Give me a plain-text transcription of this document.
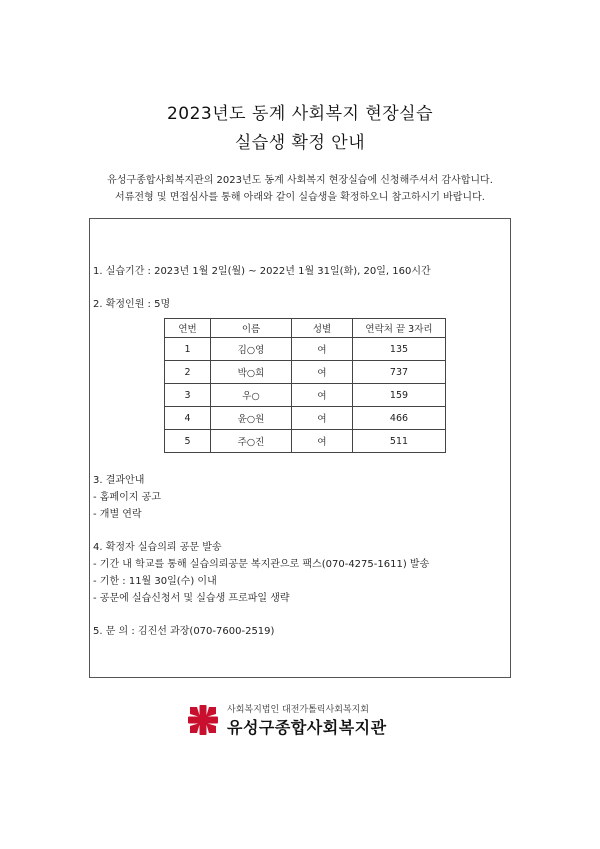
2023년도 동계 사회복지 현장실습
실습생 확정 안내
유성구종합사회복지관의 2023년도 동계 사회복지 현장실습에 신청해주셔서 감사합니다.
서류전형 및 면접심사를 통해 아래와 같이 실습생을 확정하오니 참고하시기 바랍니다.
1. 실습기간 : 2023년 1월 2일(월) ~ 2022년 1월 31일(화), 20일, 160시간
2. 확정인원 : 5명
연번	이름	성별	연락처 끝 3자리
1	김○영	여	135
2	박○희	여	737
3	우○	여	159
4	윤○원	여	466
5	주○진	여	511
3. 결과안내
- 홈페이지 공고
- 개별 연락
4. 확정자 실습의뢰 공문 발송
- 기간 내 학교를 통해 실습의뢰공문 복지관으로 팩스(070-4275-1611) 발송
- 기한 : 11월 30일(수) 이내
- 공문에 실습신청서 및 실습생 프로파일 생략
5. 문 의 : 김진선 과장(070-7600-2519)
사회복지법인 대전가톨릭사회복지회
유성구종합사회복지관
